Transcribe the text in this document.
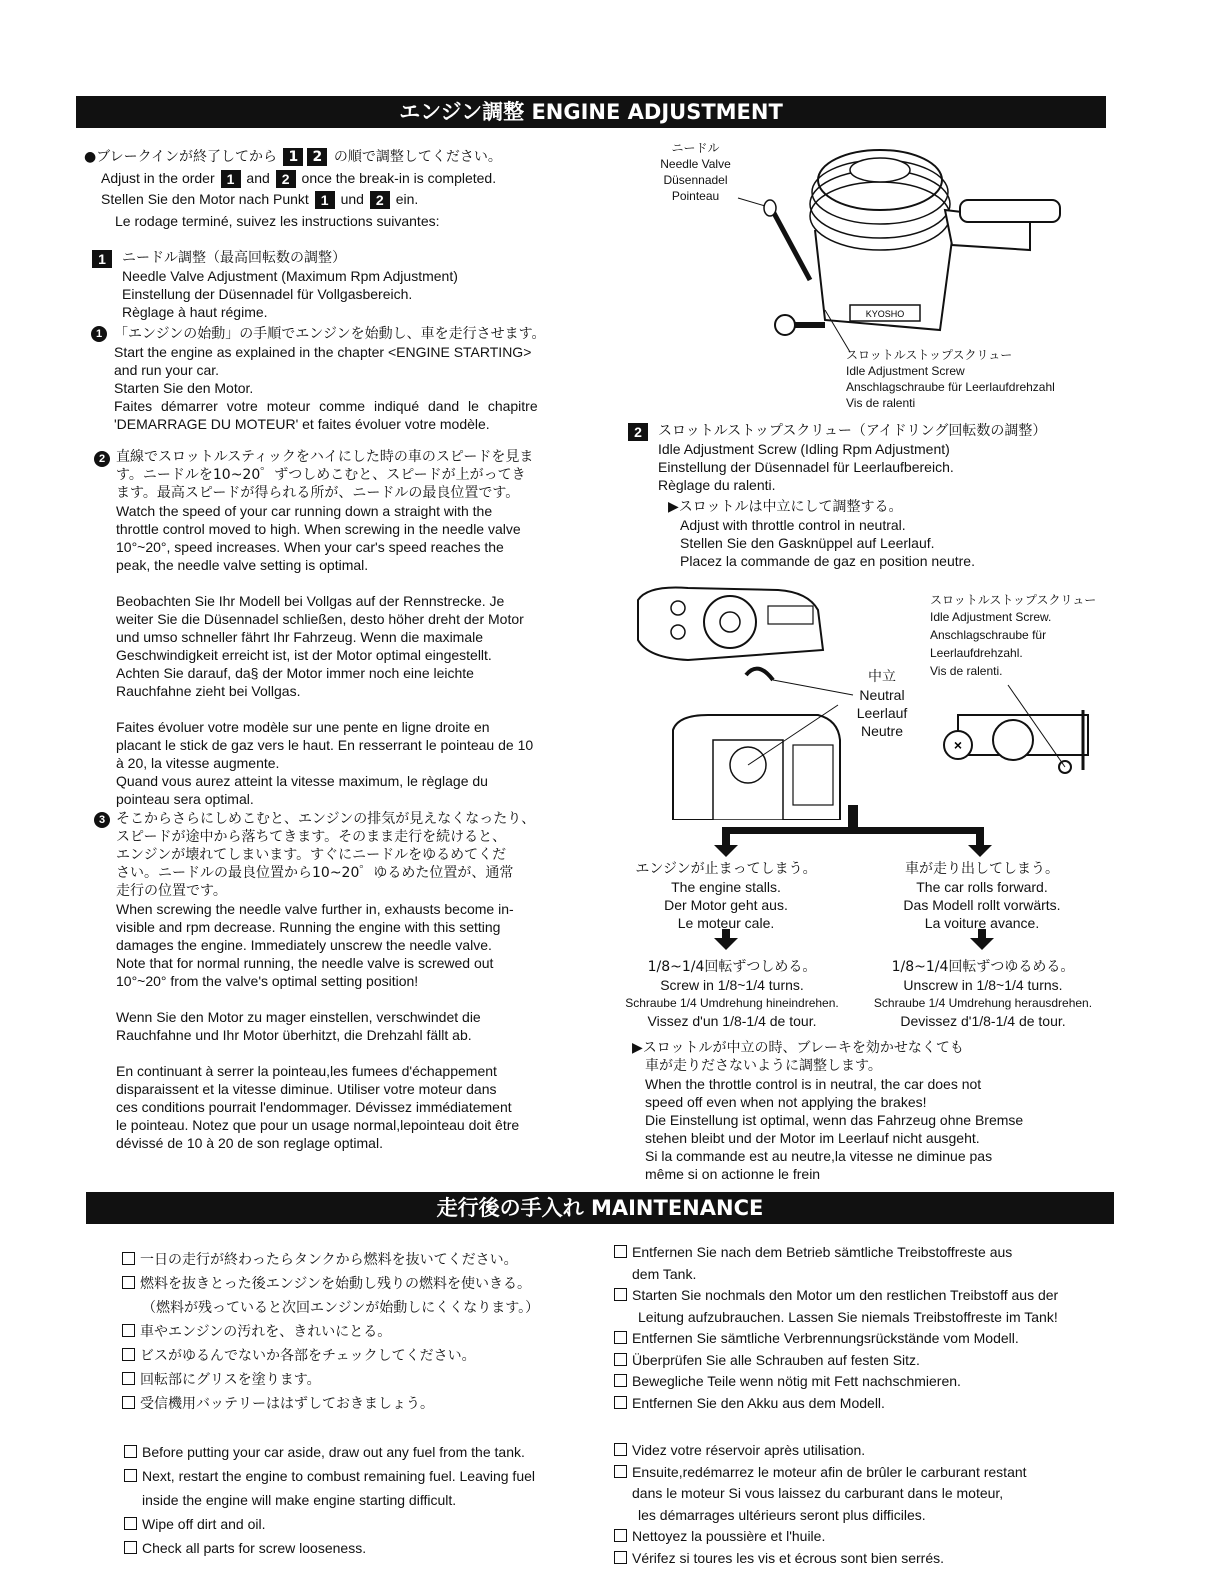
エンジン調整 ENGINE ADJUSTMENT
●ブレークインが終了してから 1 2 の順で調整してください。
Adjust in the order 1 and 2 once the break-in is completed.
Stellen Sie den Motor nach Punkt 1 und 2 ein.
Le rodage terminé, suivez les instructions suivantes:
1	ニードル調整（最高回転数の調整）
Needle Valve Adjustment (Maximum Rpm Adjustment)
Einstellung der Düsennadel für Vollgasbereich.
Règlage à haut régime.
1 「エンジンの始動」の手順でエンジンを始動し、車を走行させます。
Start the engine as explained in the chapter <ENGINE STARTING>
and run your car.
Starten Sie den Motor.
Faites démarrer votre moteur comme indiqué dand le chapitre
'DEMARRAGE DU MOTEUR' et faites évoluer votre modèle.
2 直線でスロットルスティックをハイにした時の車のスピードを見ま
す。ニードルを10~20゜ずつしめこむと、スピードが上がってき
ます。最高スピードが得られる所が、ニードルの最良位置です。
Watch the speed of your car running down a straight with the
throttle control moved to high. When screwing in the needle valve
10°~20°, speed increases. When your car's speed reaches the
peak, the needle valve setting is optimal.
Beobachten Sie Ihr Modell bei Vollgas auf der Rennstrecke. Je
weiter Sie die Düsennadel schließen, desto höher dreht der Motor
und umso schneller fährt Ihr Fahrzeug. Wenn die maximale
Geschwindigkeit erreicht ist, ist der Motor optimal eingestellt.
Achten Sie darauf, da§ der Motor immer noch eine leichte
Rauchfahne zieht bei Vollgas.
Faites évoluer votre modèle sur une pente en ligne droite en
placant le stick de gaz vers le haut. En resserrant le pointeau de 10
à 20, la vitesse augmente.
Quand vous aurez atteint la vitesse maximum, le règlage du
pointeau sera optimal.
3 そこからさらにしめこむと、エンジンの排気が見えなくなったり、
スピードが途中から落ちてきます。そのまま走行を続けると、
エンジンが壊れてしまいます。すぐにニードルをゆるめてくだ
さい。ニードルの最良位置から10~20゜ゆるめた位置が、通常
走行の位置です。
When screwing the needle valve further in, exhausts become in-
visible and rpm decrease. Running the engine with this setting
damages the engine. Immediately unscrew the needle valve.
Note that for normal running, the needle valve is screwed out
10°~20° from the valve's optimal setting position!
Wenn Sie den Motor zu mager einstellen, verschwindet die
Rauchfahne und Ihr Motor überhitzt, die Drehzahl fällt ab.
En continuant à serrer la pointeau,les fumees d'échappement
disparaissent et la vitesse diminue. Utiliser votre moteur dans
ces conditions pourrait l'endommager. Dévissez immédiatement
le pointeau. Notez que pour un usage normal,lepointeau doit être
dévissé de 10 à 20 de son reglage optimal.
ニードル
Needle Valve
Düsennadel
Pointeau
KYOSHO
スロットルストップスクリュー
Idle Adjustment Screw
Anschlagschraube für Leerlaufdrehzahl
Vis de ralenti
2	スロットルストップスクリュー（アイドリング回転数の調整）
Idle Adjustment Screw (Idling Rpm Adjustment)
Einstellung der Düsennadel für Leerlaufbereich.
Règlage du ralenti.
▶スロットルは中立にして調整する。
Adjust with throttle control in neutral.
Stellen Sie den Gasknüppel auf Leerlauf.
Placez la commande de gaz en position neutre.
×
スロットルストップスクリュー
Idle Adjustment Screw.
Anschlagschraube für
Leerlaufdrehzahl.
Vis de ralenti.
中立
Neutral
Leerlauf
Neutre
エンジンが止まってしまう。
The engine stalls.
Der Motor geht aus.
Le moteur cale.
車が走り出してしまう。
The car rolls forward.
Das Modell rollt vorwärts.
La voiture avance.
1/8~1/4回転ずつしめる。
Screw in 1/8~1/4 turns.
Schraube 1/4 Umdrehung hineindrehen.
Vissez d'un 1/8-1/4 de tour.
1/8~1/4回転ずつゆるめる。
Unscrew in 1/8~1/4 turns.
Schraube 1/4 Umdrehung herausdrehen.
Devissez d'1/8-1/4 de tour.
▶スロットルが中立の時、ブレーキを効かせなくても
車が走りださないように調整します。
When the throttle control is in neutral, the car does not
speed off even when not applying the brakes!
Die Einstellung ist optimal, wenn das Fahrzeug ohne Bremse
stehen bleibt und der Motor im Leerlauf nicht ausgeht.
Si la commande est au neutre,la vitesse ne diminue pas
même si on actionne le frein
走行後の手入れ MAINTENANCE
一日の走行が終わったらタンクから燃料を抜いてください。
燃料を抜きとった後エンジンを始動し残りの燃料を使いきる。
（燃料が残っていると次回エンジンが始動しにくくなります。）
車やエンジンの汚れを、きれいにとる。
ビスがゆるんでないか各部をチェックしてください。
回転部にグリスを塗ります。
受信機用バッテリーははずしておきましょう。
Entfernen Sie nach dem Betrieb sämtliche Treibstoffreste aus
dem Tank.
Starten Sie nochmals den Motor um den restlichen Treibstoff aus der
Leitung aufzubrauchen. Lassen Sie niemals Treibstoffreste im Tank!
Entfernen Sie sämtliche Verbrennungsrückstände vom Modell.
Überprüfen Sie alle Schrauben auf festen Sitz.
Bewegliche Teile wenn nötig mit Fett nachschmieren.
Entfernen Sie den Akku aus dem Modell.
Before putting your car aside, draw out any fuel from the tank.
Next, restart the engine to combust remaining fuel. Leaving fuel
inside the engine will make engine starting difficult.
Wipe off dirt and oil.
Check all parts for screw looseness.
Videz votre réservoir après utilisation.
Ensuite,redémarrez le moteur afin de brûler le carburant restant
dans le moteur Si vous laissez du carburant dans le moteur,
les démarrages ultérieurs seront plus difficiles.
Nettoyez la poussière et l'huile.
Vérifez si toures les vis et écrous sont bien serrés.
